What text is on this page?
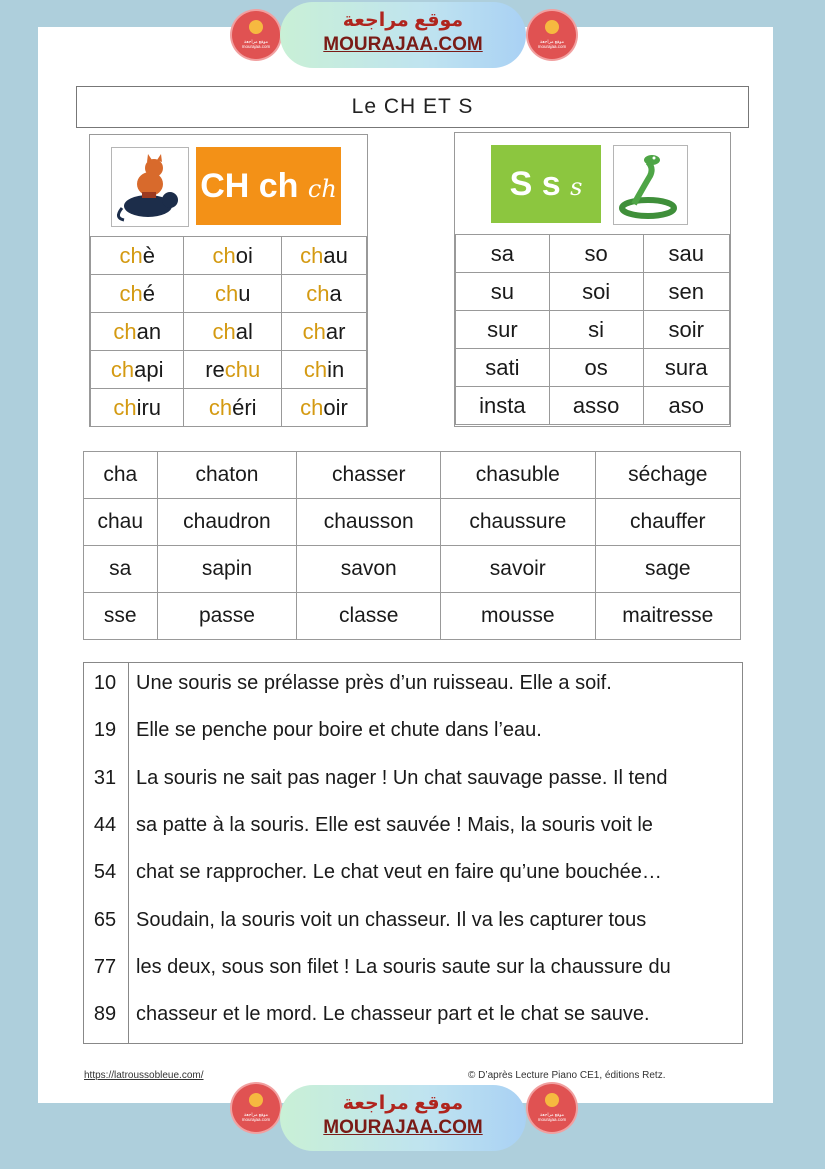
موقع مراجعة mourajaa.com
موقع مراجعة
MOURAJAA.COM	موقع مراجعة mourajaa.com
Le CH ET S
CH ch ch
chè	choi	chau
ché	chu	cha
chan	chal	char
chapi	rechu	chin
chiru	chéri	choir
S s s
sa	so	sau
su	soi	sen
sur	si	soir
sati	os	sura
insta	asso	aso
cha	chaton	chasser	chasuble	séchage
chau	chaudron	chausson	chaussure	chauffer
sa	sapin	savon	savoir	sage
sse	passe	classe	mousse	maitresse
10 Une souris se prélasse près d’un ruisseau. Elle a soif.
19 Elle se penche pour boire et chute dans l’eau.
31 La souris ne sait pas nager ! Un chat sauvage passe. Il tend
44 sa patte à la souris. Elle est sauvée ! Mais, la souris voit le
54 chat se rapprocher. Le chat veut en faire qu’une bouchée…
65 Soudain, la souris voit un chasseur. Il va les capturer tous
77 les deux, sous son filet ! La souris saute sur la chaussure du
89 chasseur et le mord. Le chasseur part et le chat se sauve.
https://latroussobleue.com/	© D’après Lecture Piano CE1, éditions Retz.
موقع مراجعة mourajaa.com
موقع مراجعة
MOURAJAA.COM
موقع مراجعة mourajaa.com
